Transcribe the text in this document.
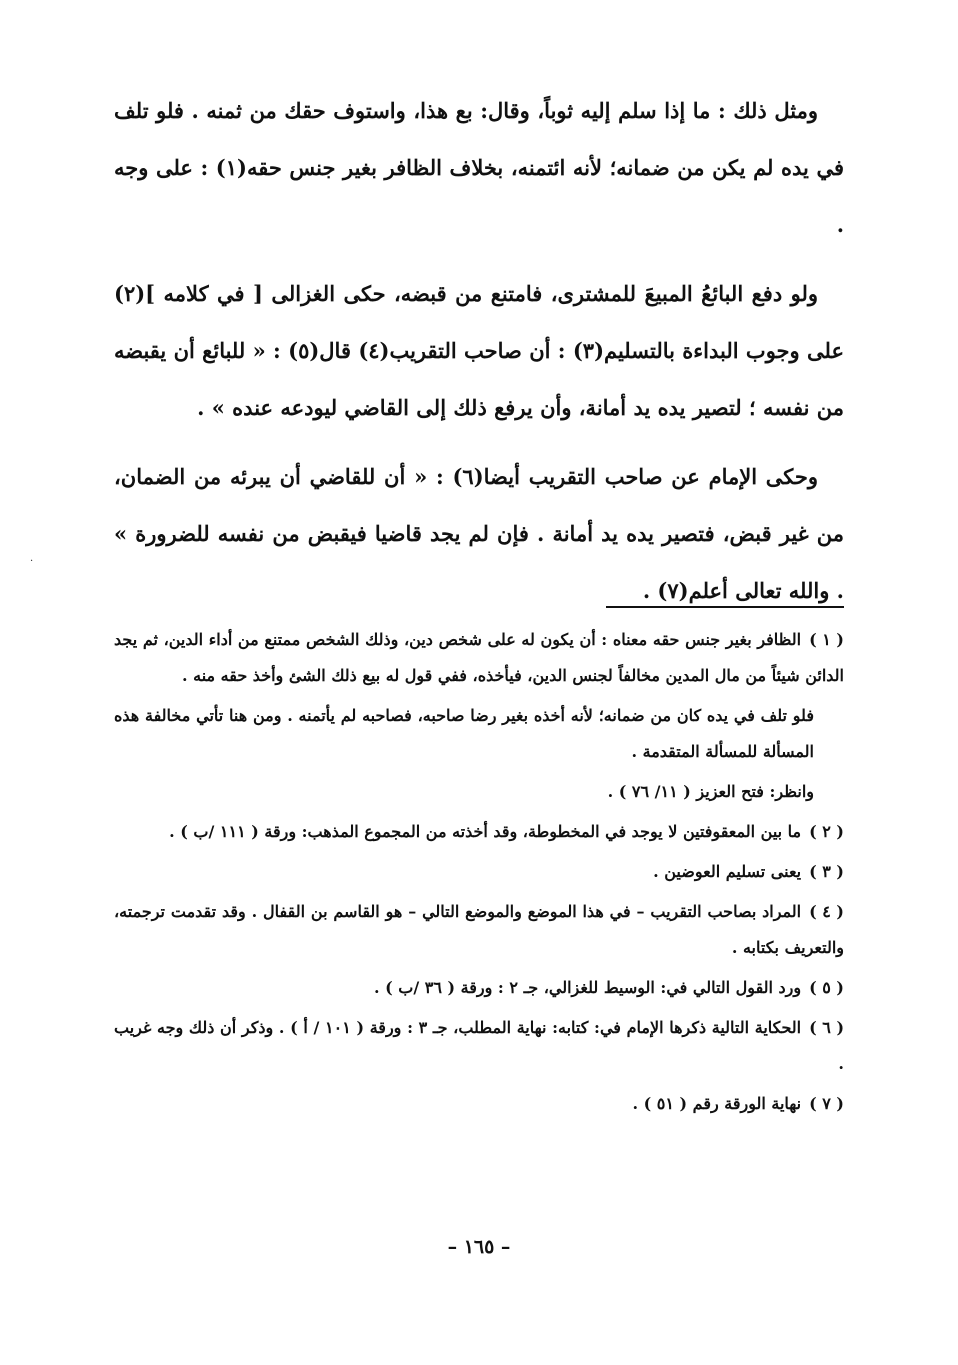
ومثل ذلك : ما إذا سلم إليه ثوباً، وقال: بع هذا، واستوف حقك من ثمنه . فلو تلف في يده لم يكن من ضمانه؛ لأنه ائتمنه، بخلاف الظافر بغير جنس حقه(١) : على وجه .

ولو دفع البائعُ المبيعَ للمشترى، فامتنع من قبضه، حكى الغزالى [ في كلامه ](٢) على وجوب البداءة بالتسليم(٣) : أن صاحب التقريب(٤) قال(٥) : « للبائع أن يقبضه من نفسه ؛ لتصير يده يد أمانة، وأن يرفع ذلك إلى القاضي ليودعه عنده » .

وحكى الإمام عن صاحب التقريب أيضا(٦) : « أن للقاضي أن يبرئه من الضمان، من غير قبض، فتصير يده يد أمانة . فإن لم يجد قاضيا فيقبض من نفسه للضرورة » . والله تعالى أعلم(٧) .

·
( ١ )الظافر بغير جنس حقه معناه : أن يكون له على شخص دين، وذلك الشخص ممتنع من أداء الدين، ثم يجد الدائن شيئاً من مال المدين مخالفاً لجنس الدين، فيأخذه، ففي قول له بيع ذلك الشئ وأخذ حقه منه .
فلو تلف في يده كان من ضمانه؛ لأنه أخذه بغير رضا صاحبه، فصاحبه لم يأتمنه . ومن هنا تأتي مخالفة هذه المسألة للمسألة المتقدمة .
وانظر: فتح العزيز ( ١١/ ٧٦ ) .
( ٢ )ما بين المعقوفتين لا يوجد في المخطوطة، وقد أخذته من المجموع المذهب: ورقة ( ١١١ /ب ) .
( ٣ )يعنى تسليم العوضين .
( ٤ )المراد بصاحب التقريب – في هذا الموضع والموضع التالي – هو القاسم بن القفال . وقد تقدمت ترجمته، والتعريف بكتابه .
( ٥ )ورد القول التالي في: الوسيط للغزالي، جـ ٢ : ورقة ( ٣٦ /ب ) .
( ٦ )الحكاية التالية ذكرها الإمام في: كتابه: نهاية المطلب، جـ ٣ : ورقة ( ١٠١ / أ ) . وذكر أن ذلك وجه غريب .
( ٧ )نهاية الورقة رقم ( ٥١ ) .
– ١٦٥ –
